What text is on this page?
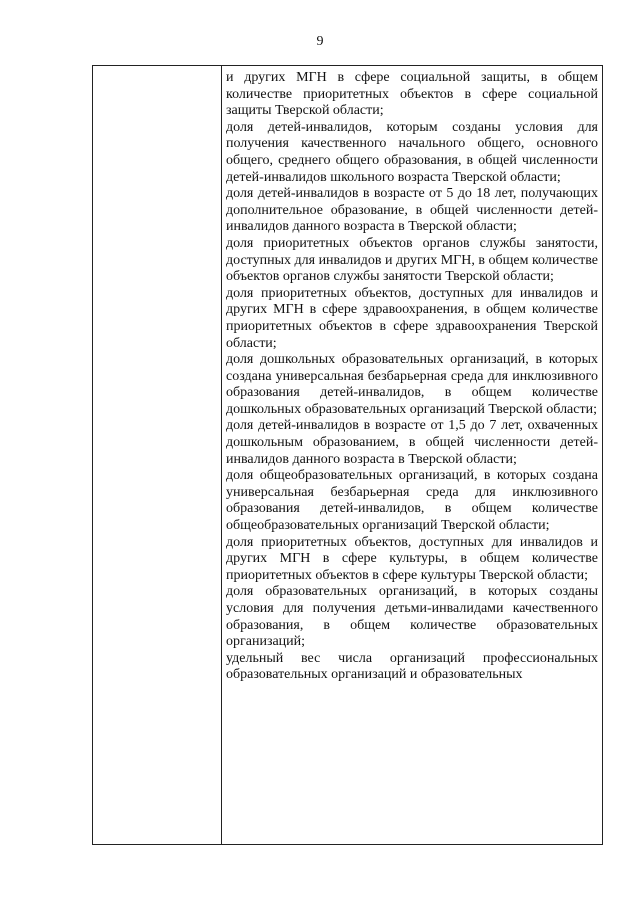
9

и других МГН в сфере социальной защиты, в общем количестве приоритетных объектов в сфере социальной защиты Тверской области;

доля детей-инвалидов, которым созданы условия для получения качественного начального общего, основного общего, среднего общего образования, в общей численности детей-инвалидов школьного возраста Тверской области;

доля детей-инвалидов в возрасте от 5 до 18 лет, получающих дополнительное образование, в общей численности детей-инвалидов данного возраста в Тверской области;

доля приоритетных объектов органов службы занятости, доступных для инвалидов и других МГН, в общем количестве объектов органов службы занятости Тверской области;

доля приоритетных объектов, доступных для инвалидов и других МГН в сфере здравоохранения, в общем количестве приоритетных объектов в сфере здравоохранения Тверской области;

доля дошкольных образовательных организаций, в которых создана универсальная безбарьерная среда для инклюзивного образования детей-инвалидов, в общем количестве дошкольных образовательных организаций Тверской области;

доля детей-инвалидов в возрасте от 1,5 до 7 лет, охваченных дошкольным образованием, в общей численности детей-инвалидов данного возраста в Тверской области;

доля общеобразовательных организаций, в которых создана универсальная безбарьерная среда для инклюзивного образования детей-инвалидов, в общем количестве общеобразовательных организаций Тверской области;

доля приоритетных объектов, доступных для инвалидов и других МГН в сфере культуры, в общем количестве приоритетных объектов в сфере культуры Тверской области;

доля образовательных организаций, в которых созданы условия для получения детьми-инвалидами качественного образования, в общем количестве образовательных организаций;

удельный вес числа организаций профессиональных образовательных организаций и образовательных
